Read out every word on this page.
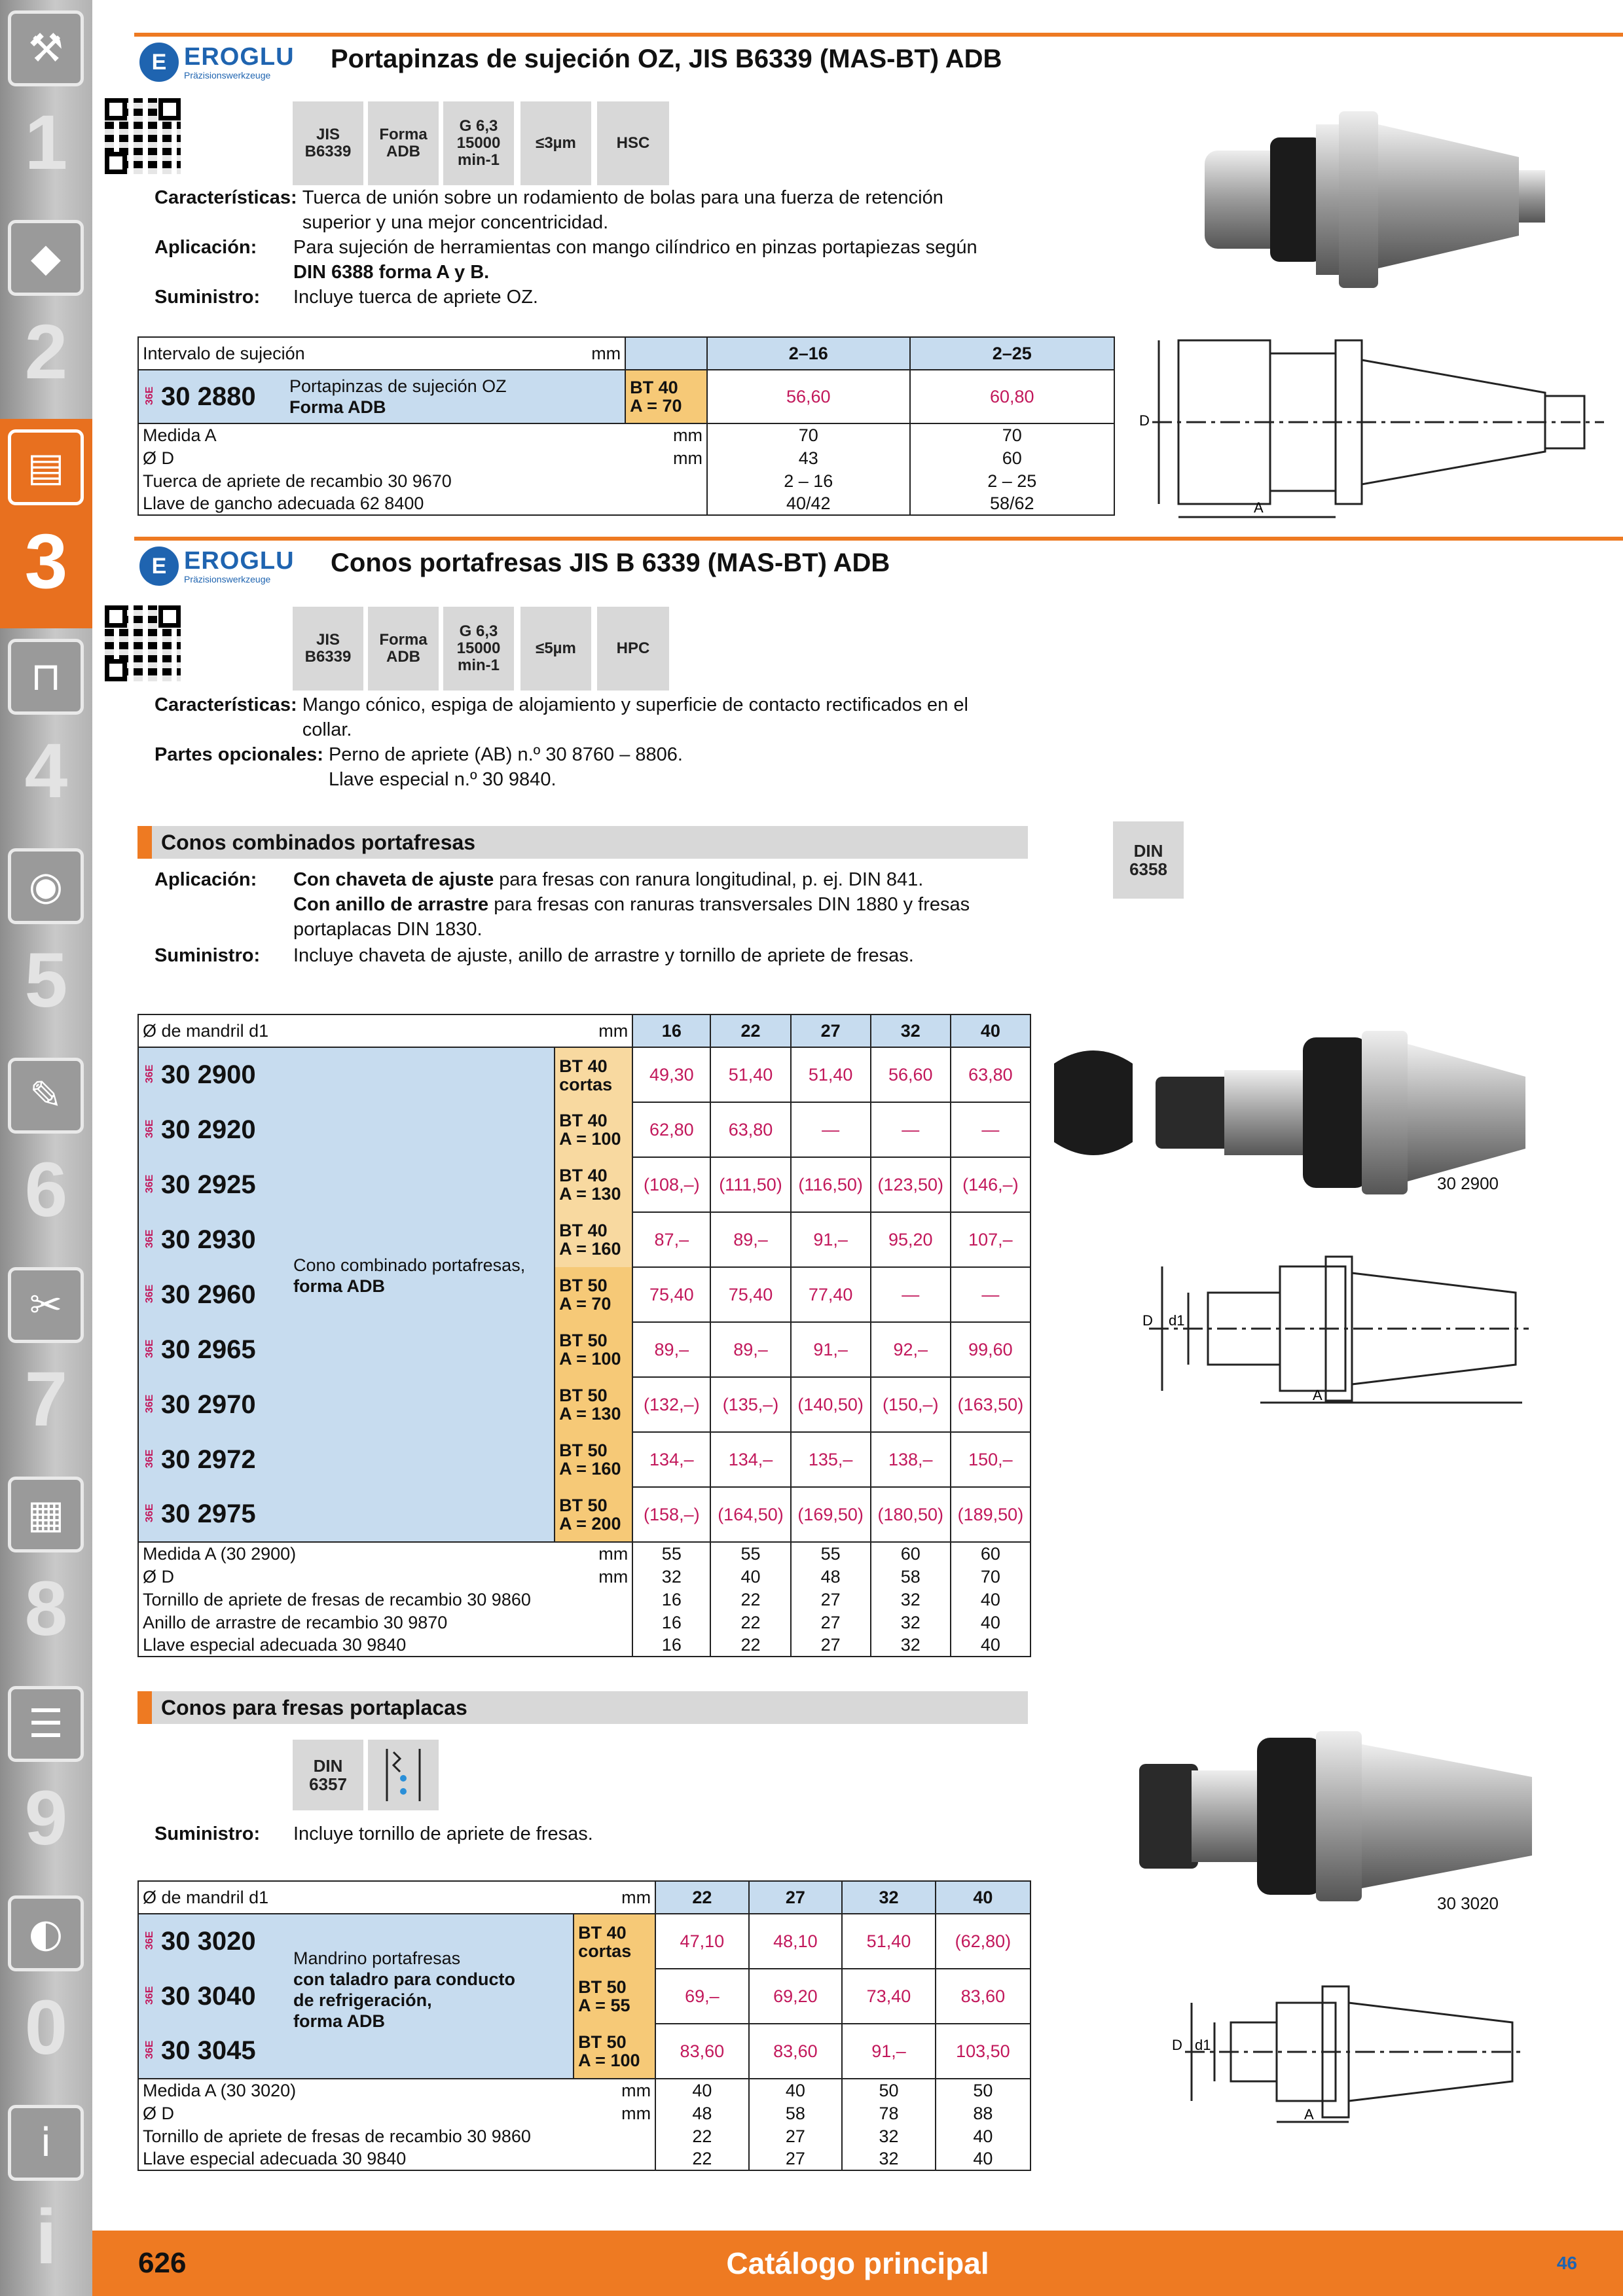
⚒
1
◆
2
▤
3
⊓
4
◉
5
✎
6
✂
7
▦
8
☰
9
◐
0
i
i
E EROGLU
Präzisionswerkzeuge
Portapinzas de sujeción OZ, JIS B6339 (MAS-BT) ADB
JIS
B6339
Forma
ADB
G 6,3
15000
min-1
≤3µm	HSC
Características:
Tuerca de unión sobre un rodamiento de bolas para una fuerza de retención superior y una mejor concentricidad.
Aplicación:	Para sujeción de herramientas con mango cilíndrico en pinzas portapiezas según DIN 6388 forma A y B.
Suministro:	Incluye tuerca de apriete OZ.
Intervalo de sujeción mm		2–16	2–25

36E 30 2880 Portapinzas de sujeción OZ
Forma ADB	BT 40
A = 70	56,60	60,80
Medida A	mm	70	70
Ø D	mm	43	60
Tuerca de apriete de recambio 30 9670		2 – 16	2 – 25
Llave de gancho adecuada 62 8400		40/42	58/62
D
A
E EROGLU
Präzisionswerkzeuge
Conos portafresas JIS B 6339 (MAS-BT) ADB
JIS
B6339
Forma
ADB
G 6,3
15000
min-1
≤5µm	HPC
Características:
Mango cónico, espiga de alojamiento y superficie de contacto rectificados en el collar.
Partes opcionales:
Perno de apriete (AB) n.º 30 8760 – 8806.
Llave especial n.º 30 9840.
Conos combinados portafresas	DIN
6358
Aplicación:	Con chaveta de ajuste para fresas con ranura longitudinal, p. ej. DIN 841.
Con anillo de arrastre para fresas con ranuras transversales DIN 1880 y fresas portaplacas DIN 1830.
Suministro:	Incluye chaveta de ajuste, anillo de arrastre y tornillo de apriete de fresas.
Ø de mandril d1 mm		16	22	27	32	40

36E 30 2900	BT 40
cortas	49,30	51,40	51,40	56,60	63,80

36E 30 2920	BT 40
A = 100	62,80	63,80	—	—	—

36E 30 2925	BT 40
A = 130	(108,–)	(111,50)	(116,50)	(123,50)	(146,–)

36E 30 2930	BT 40
A = 160	87,–	89,–	91,–	95,20	107,–

36E 30 2960
Cono combinado portafresas,
forma ADB	BT 50
A = 70	75,40	75,40	77,40	—	—

36E 30 2965	BT 50
A = 100	89,–	89,–	91,–	92,–	99,60

36E 30 2970	BT 50
A = 130	(132,–)	(135,–)	(140,50)	(150,–)	(163,50)

36E 30 2972	BT 50
A = 160	134,–	134,–	135,–	138,–	150,–

36E 30 2975	BT 50
A = 200	(158,–)	(164,50)	(169,50)	(180,50)	(189,50)
Medida A (30 2900) mm		55	55	55	60	60
Ø D mm		32	40	48	58	70
Tornillo de apriete de fresas de recambio 30 9860		16	22	27	32	40
Anillo de arrastre de recambio 30 9870		16	22	27	32	40
Llave especial adecuada 30 9840		16	22	27	32	40
30 2900
D d1
A
Conos para fresas portaplacas
DIN
6357
Suministro:	Incluye tornillo de apriete de fresas.
Ø de mandril d1 mm		22	27	32	40

36E 30 3020
Mandrino portafresas
con taladro para conducto
de refrigeración,
forma ADB	BT 40
cortas	47,10	48,10	51,40	(62,80)

36E 30 3040	BT 50
A = 55	69,–	69,20	73,40	83,60

36E 30 3045	BT 50
A = 100	83,60	83,60	91,–	103,50
Medida A (30 3020) mm		40	40	50	50
Ø D mm		48	58	78	88
Tornillo de apriete de fresas de recambio 30 9860		22	27	32	40
Llave especial adecuada 30 9840		22	27	32	40
30 3020
D d1
A
626	Catálogo principal	46
